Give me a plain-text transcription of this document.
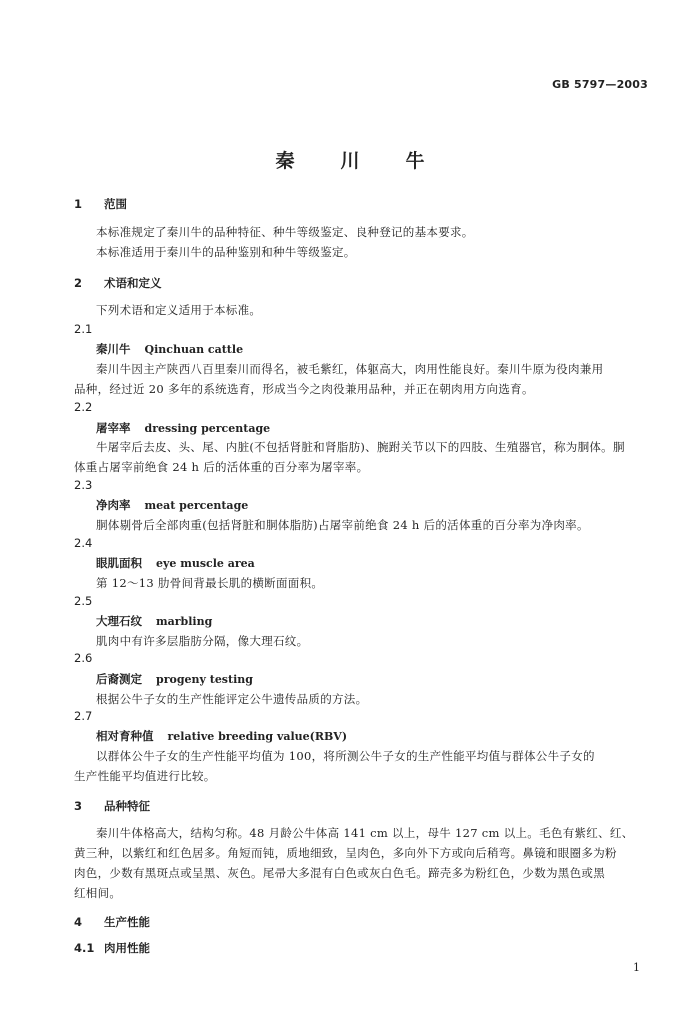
GB 5797—2003
秦川牛
1 范围
本标准规定了秦川牛的品种特征、种牛等级鉴定、良种登记的基本要求。
本标准适用于秦川牛的品种鉴别和种牛等级鉴定。
2 术语和定义
下列术语和定义适用于本标准。
2.1
秦川牛 Qinchuan cattle
秦川牛因主产陕西八百里秦川而得名，被毛紫红，体躯高大，肉用性能良好。秦川牛原为役肉兼用
品种，经过近 20 多年的系统选育，形成当今之肉役兼用品种，并正在朝肉用方向选育。
2.2
屠宰率 dressing percentage
牛屠宰后去皮、头、尾、内脏(不包括肾脏和肾脂肪)、腕跗关节以下的四肢、生殖器官，称为胴体。胴
体重占屠宰前绝食 24 h 后的活体重的百分率为屠宰率。
2.3
净肉率 meat percentage
胴体剔骨后全部肉重(包括肾脏和胴体脂肪)占屠宰前绝食 24 h 后的活体重的百分率为净肉率。
2.4
眼肌面积 eye muscle area
第 12～13 肋骨间背最长肌的横断面面积。
2.5
大理石纹 marbling
肌肉中有许多层脂肪分隔，像大理石纹。
2.6
后裔测定 progeny testing
根据公牛子女的生产性能评定公牛遗传品质的方法。
2.7
相对育种值 relative breeding value(RBV)
以群体公牛子女的生产性能平均值为 100，将所测公牛子女的生产性能平均值与群体公牛子女的
生产性能平均值进行比较。
3 品种特征
秦川牛体格高大，结构匀称。48 月龄公牛体高 141 cm 以上，母牛 127 cm 以上。毛色有紫红、红、
黄三种，以紫红和红色居多。角短而钝，质地细致，呈肉色，多向外下方或向后稍弯。鼻镜和眼圈多为粉
肉色，少数有黑斑点或呈黑、灰色。尾帚大多混有白色或灰白色毛。蹄壳多为粉红色，少数为黑色或黑
红相间。
4 生产性能
4.1 肉用性能
1
